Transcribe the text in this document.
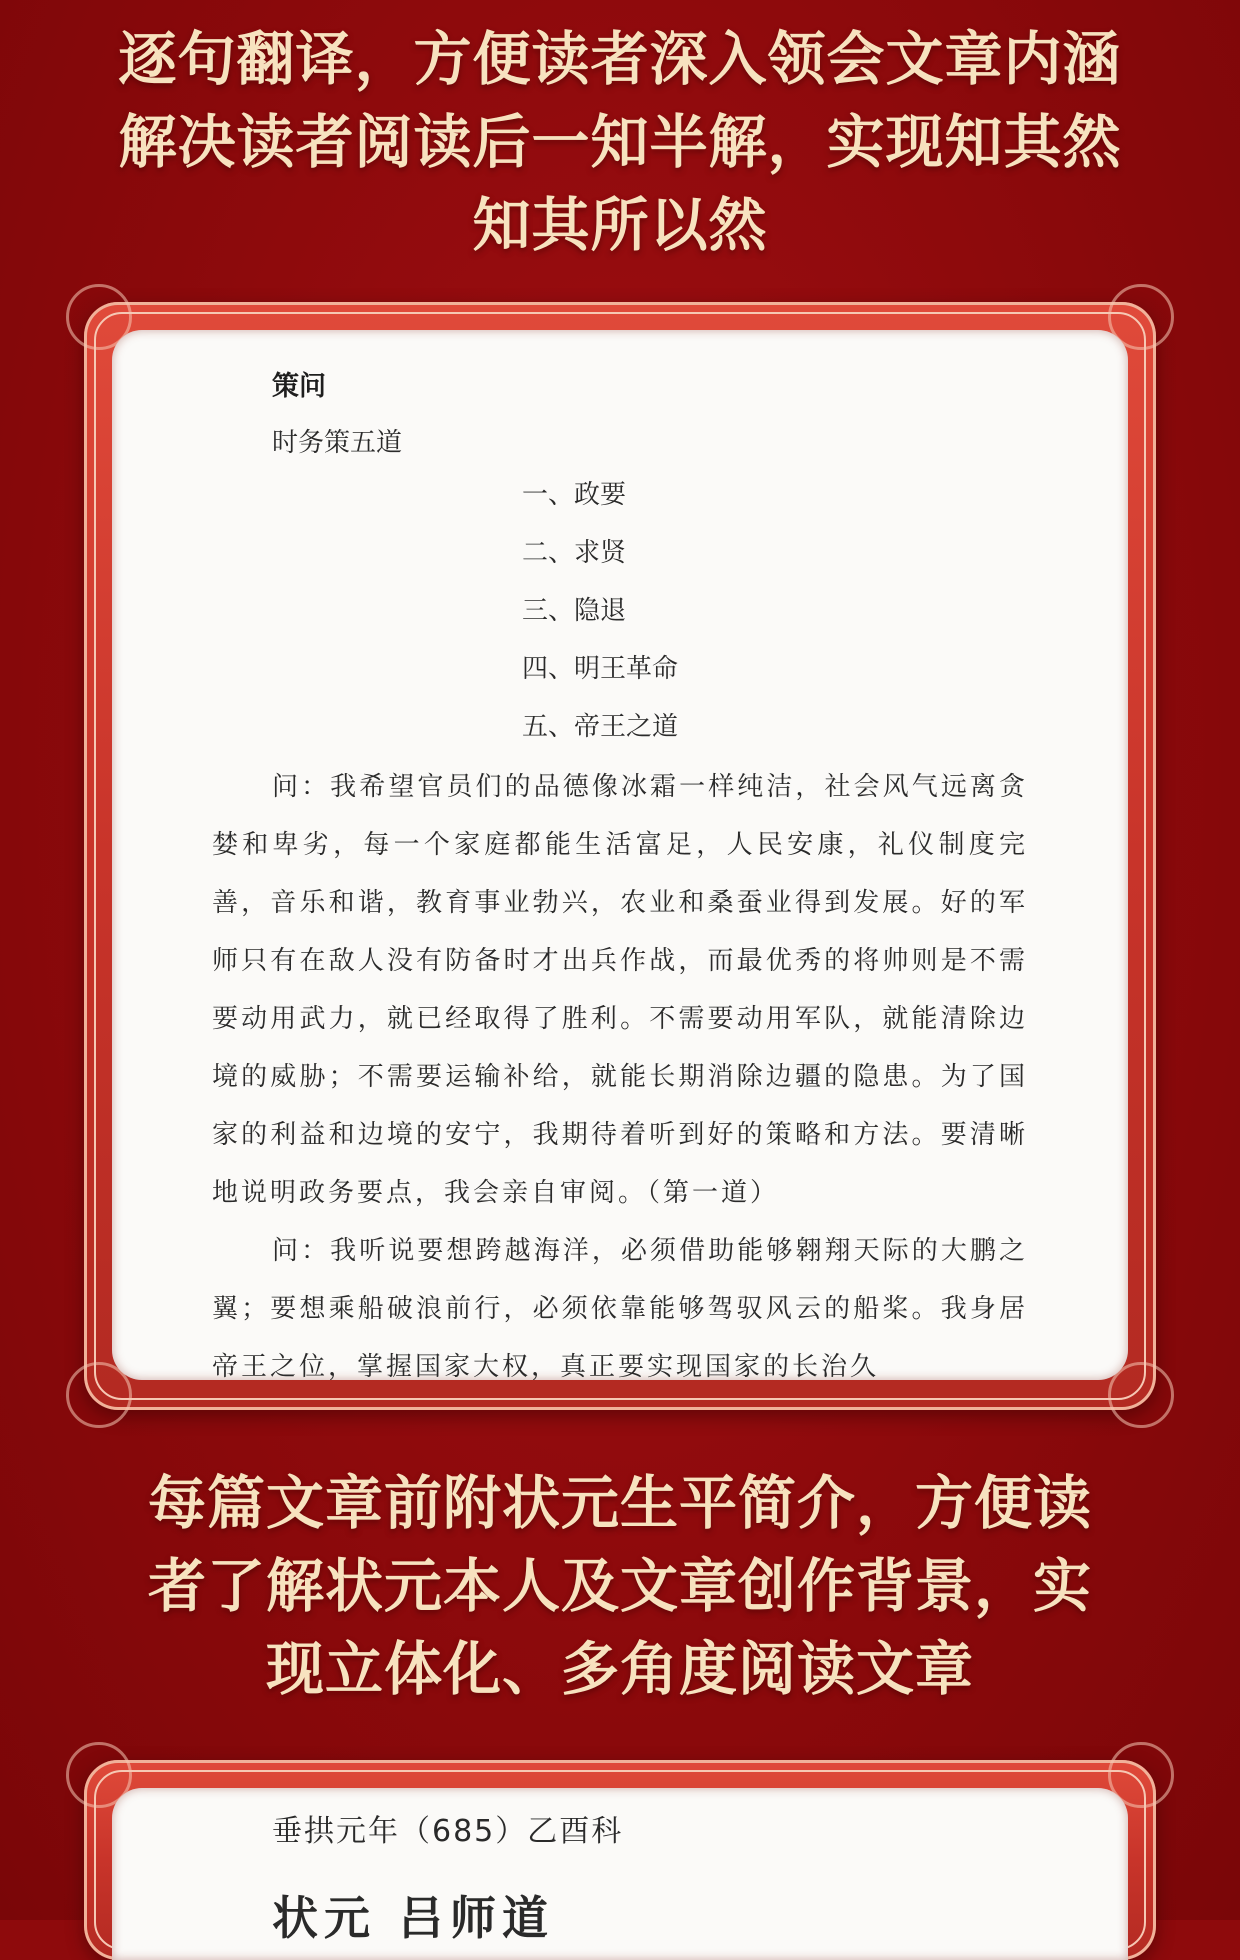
逐句翻译，方便读者深入领会文章内涵
解决读者阅读后一知半解，实现知其然
知其所以然
策问
时务策五道
一、政要
二、求贤
三、隐退
四、明王革命
五、帝王之道

问：我希望官员们的品德像冰霜一样纯洁，社会风气远离贪婪和卑劣，每一个家庭都能生活富足，人民安康，礼仪制度完善，音乐和谐，教育事业勃兴，农业和桑蚕业得到发展。好的军师只有在敌人没有防备时才出兵作战，而最优秀的将帅则是不需要动用武力，就已经取得了胜利。不需要动用军队，就能清除边境的威胁；不需要运输补给，就能长期消除边疆的隐患。为了国家的利益和边境的安宁，我期待着听到好的策略和方法。要清晰地说明政务要点，我会亲自审阅。（第一道）

问：我听说要想跨越海洋，必须借助能够翱翔天际的大鹏之翼；要想乘船破浪前行，必须依靠能够驾驭风云的船桨。我身居帝王之位，掌握国家大权，真正要实现国家的长治久

每篇文章前附状元生平简介，方便读
者了解状元本人及文章创作背景，实
现立体化、多角度阅读文章
垂拱元年（685）乙酉科
状元 吕师道
